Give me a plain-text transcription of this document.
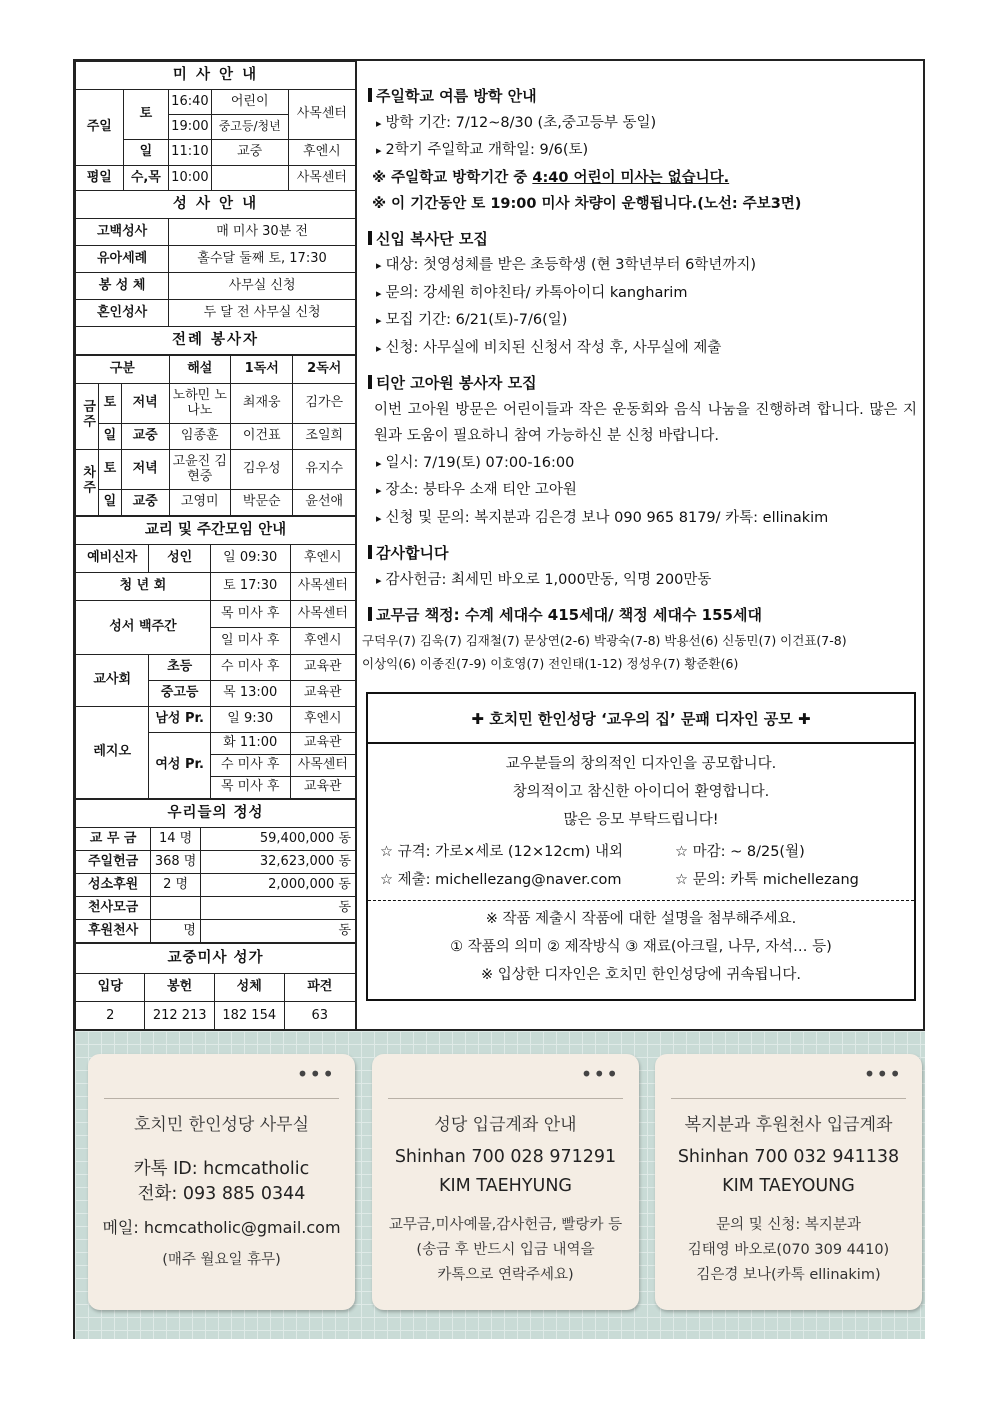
미 사 안 내				
주일	토	16:40	어린이	사목센터
		19:00	중고등/청년	
	일	11:10	교중	후엔시
평일	수,목	10:00		사목센터
성 사 안 내				
고백성사		매 미사 30분 전		
유아세례		홀수달 둘째 토, 17:30		
봉 성 체		사무실 신청		
혼인성사		두 달 전 사무실 신청		
전례 봉사자				
구분			해설	1독서	2독서
금주	토	저녁	노하민 노나노	최재웅	김가은
	일	교중	임종훈	이건표	조일희
차주	토	저녁	고윤진 김현중	김우성	유지수
	일	교중	고영미	박문순	윤선애
교리 및 주간모임 안내			
예비신자	성인	일 09:30	후엔시
청 년 회		토 17:30	사목센터
성서 백주간		목 미사 후	사목센터
		일 미사 후	후엔시
교사회	초등	수 미사 후	교육관
	중고등	목 13:00	교육관
레지오	남성 Pr.	일 9:30	후엔시
	여성 Pr.	화 11:00	교육관
		수 미사 후	사목센터
		목 미사 후	교육관
우리들의 정성		
교 무 금	14 명	59,400,000 동
주일헌금	368 명	32,623,000 동
성소후원	2 명	2,000,000 동
천사모금		동
후원천사	명	동
교중미사 성가			
입당	봉헌	성체	파견
2	212 213	182 154	63
주일학교 여름 방학 안내
▸ 방학 기간: 7/12~8/30 (초,중고등부 동일)
▸ 2학기 주일학교 개학일: 9/6(토)
※ 주일학교 방학기간 중 4:40 어린이 미사는 없습니다.
※ 이 기간동안 토 19:00 미사 차량이 운행됩니다.(노선: 주보3면)
신입 복사단 모집
▸ 대상: 첫영성체를 받은 초등학생 (현 3학년부터 6학년까지)
▸ 문의: 강세원 히야친타/ 카톡아이디 kangharim
▸ 모집 기간: 6/21(토)-7/6(일)
▸ 신청: 사무실에 비치된 신청서 작성 후, 사무실에 제출
티안 고아원 봉사자 모집
이번 고아원 방문은 어린이들과 작은 운동회와 음식 나눔을 진행하려 합니다. 많은 지원과 도움이 필요하니 참여 가능하신 분 신청 바랍니다.
▸ 일시: 7/19(토) 07:00-16:00
▸ 장소: 붕타우 소재 티안 고아원
▸ 신청 및 문의: 복지분과 김은경 보나 090 965 8179/ 카톡: ellinakim
감사합니다
▸ 감사헌금: 최세민 바오로 1,000만동, 익명 200만동
교무금 책정: 수계 세대수 415세대/ 책정 세대수 155세대
구덕우(7) 김욱(7) 김재철(7) 문상연(2-6) 박광숙(7-8) 박용선(6) 신동민(7) 이건표(7-8)
이상익(6) 이종진(7-9) 이호영(7) 전인태(1-12) 정성우(7) 황준환(6)
✚ 호치민 한인성당 ‘교우의 집’ 문패 디자인 공모 ✚
교우분들의 창의적인 디자인을 공모합니다.
창의적이고 참신한 아이디어 환영합니다.
많은 응모 부탁드립니다!
☆ 규격: 가로×세로 (12×12cm) 내외	☆ 마감: ~ 8/25(월)
☆ 제출: michellezang@naver.com	☆ 문의: 카톡 michellezang
※ 작품 제출시 작품에 대한 설명을 첨부해주세요.
① 작품의 의미 ② 제작방식 ③ 재료(아크릴, 나무, 자석… 등)
※ 입상한 디자인은 호치민 한인성당에 귀속됩니다.
•••
호치민 한인성당 사무실
카톡 ID: hcmcatholic
전화: 093 885 0344
메일: hcmcatholic@gmail.com
(매주 월요일 휴무)
•••
성당 입금계좌 안내
Shinhan 700 028 971291
KIM TAEHYUNG
교무금,미사예물,감사헌금, 빨랑카 등
(송금 후 반드시 입금 내역을
카톡으로 연락주세요)
•••
복지분과 후원천사 입금계좌
Shinhan 700 032 941138
KIM TAEYOUNG
문의 및 신청: 복지분과
김태영 바오로(070 309 4410)
김은경 보나(카톡 ellinakim)
